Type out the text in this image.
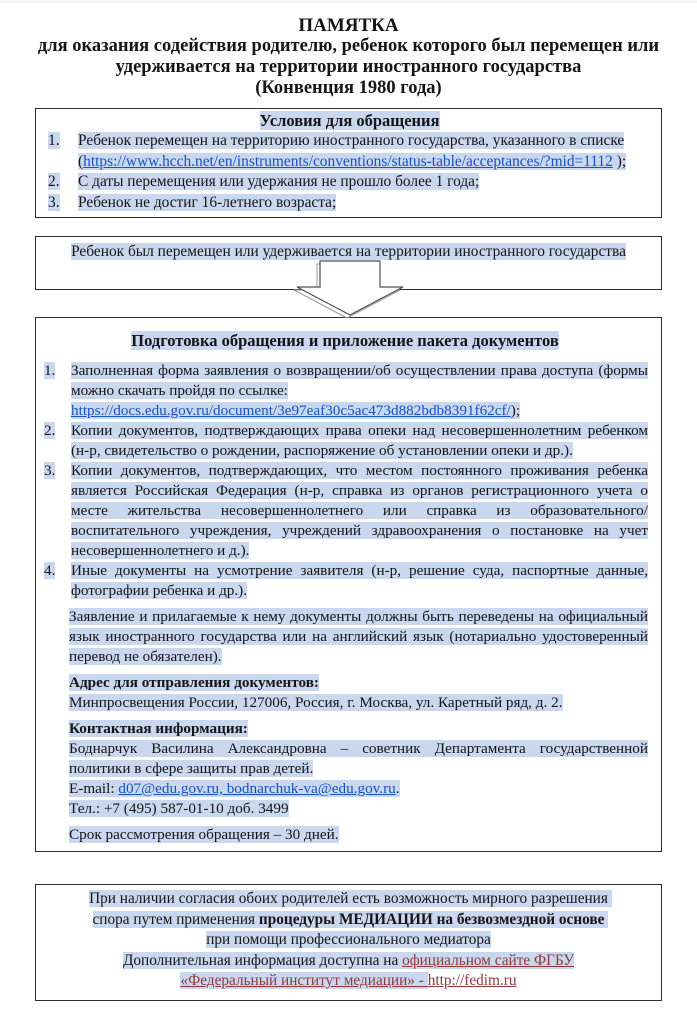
ПАМЯТКА
для оказания содействия родителю, ребенок которого был перемещен или
удерживается на территории иностранного государства
(Конвенция 1980 года)
Условия для обращения
1.	Ребенок перемещен на территорию иностранного государства, указанного в списке
(https://www.hcch.net/en/instruments/conventions/status-table/acceptances/?mid=1112 );
2.	С даты перемещения или удержания не прошло более 1 года;
3.	Ребенок не достиг 16-летнего возраста;
Ребенок был перемещен или удерживается на территории иностранного государства
Подготовка обращения и приложение пакета документов
1.	Заполненная форма заявления о возвращении/об осуществлении права доступа (формы можно скачать пройдя по ссылке:
https://docs.edu.gov.ru/document/3e97eaf30c5ac473d882bdb8391f62cf/);
2.	Копии документов, подтверждающих права опеки над несовершеннолетним ребенком (н-р, свидетельство о рождении, распоряжение об установлении опеки и др.).
3.	Копии документов, подтверждающих, что местом постоянного проживания ребенка является Российская Федерация (н-р, справка из органов регистрационного учета о месте жительства несовершеннолетнего или справка из образовательного/воспитательного учреждения, учреждений здравоохранения о постановке на учет несовершеннолетнего и д.).
4.	Иные документы на усмотрение заявителя (н-р, решение суда, паспортные данные, фотографии ребенка и др.).

Заявление и прилагаемые к нему документы должны быть переведены на официальный язык иностранного государства или на английский язык (нотариально удостоверенный перевод не обязателен).

Адрес для отправления документов:

Минпросвещения России, 127006, Россия, г. Москва, ул. Каретный ряд, д. 2.

Контактная информация:

Боднарчук Василина Александровна – советник Департамента государственной политики в сфере защиты прав детей.

E-mail: d07@edu.gov.ru, bodnarchuk-va@edu.gov.ru.

Тел.: +7 (495) 587-01-10 доб. 3499

Срок рассмотрения обращения – 30 дней.

При наличии согласия обоих родителей есть возможность мирного разрешения спора путем применения процедуры МЕДИАЦИИ на безвозмездной основе при помощи профессионального медиатора
Дополнительная информация доступна на официальном сайте ФГБУ «Федеральный институт медиации» - http://fedim.ru
